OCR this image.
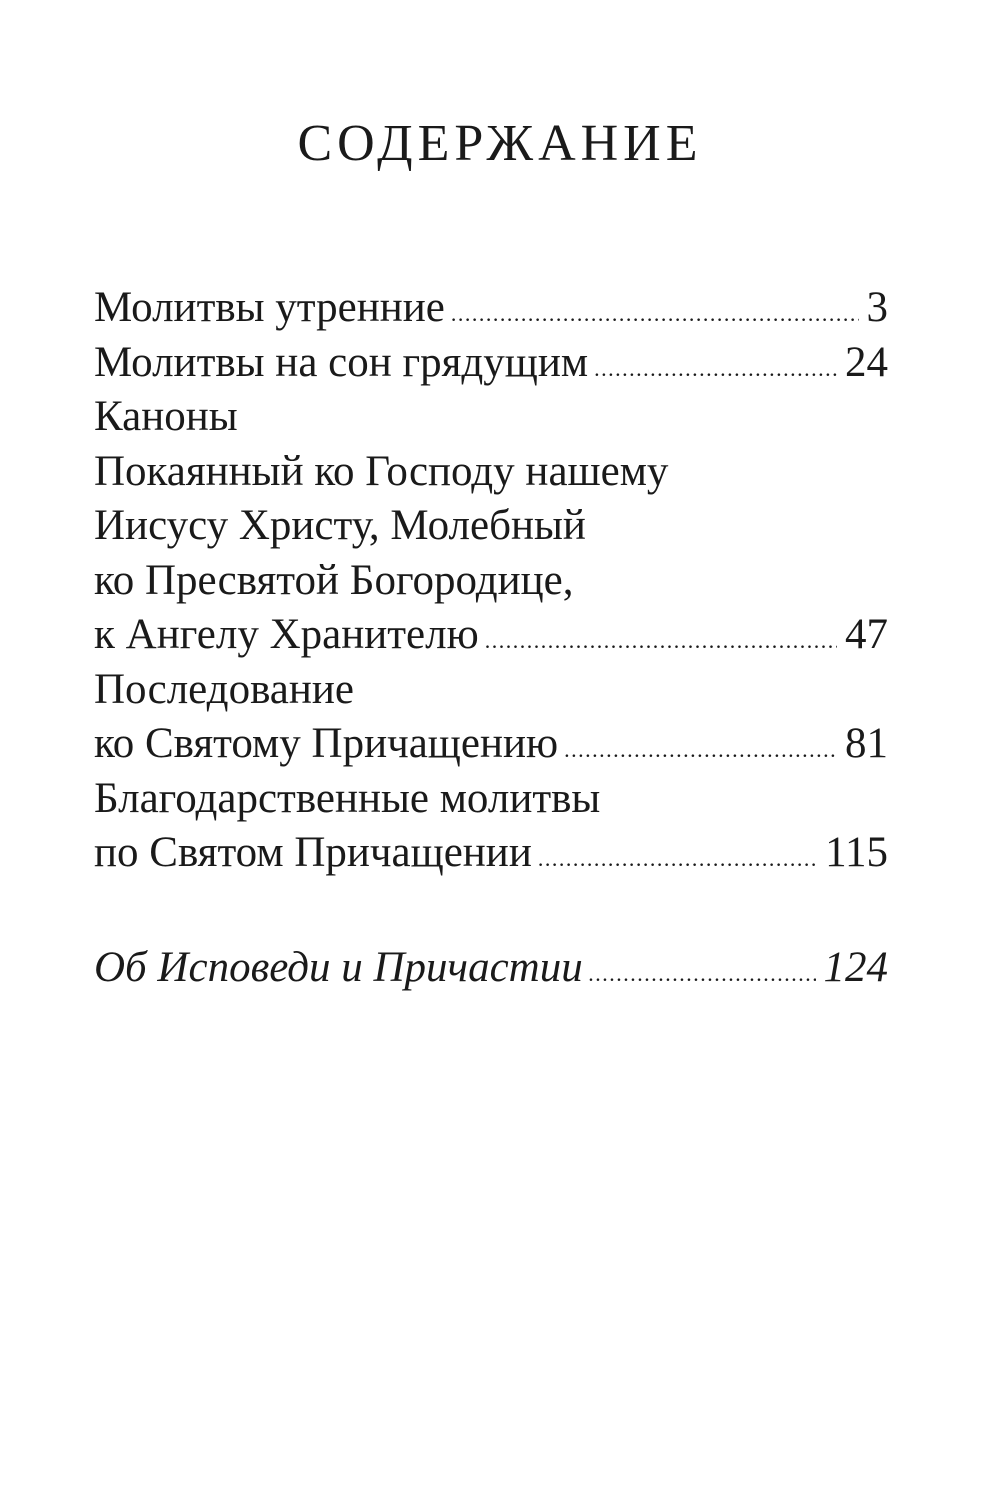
СОДЕРЖАНИЕ
Молитвы утренние .....	3
Молитвы на сон грядущим .....	24
Каноны
Покаянный ко Господу нашему
Иисусу Христу, Молебный
ко Пресвятой Богородице,
к Ангелу Хранителю .....	47
Последование
ко Святому Причащению .....	81
Благодарственные молитвы
по Святом Причащении .....	115
Об Исповеди и Причастии .....	124
